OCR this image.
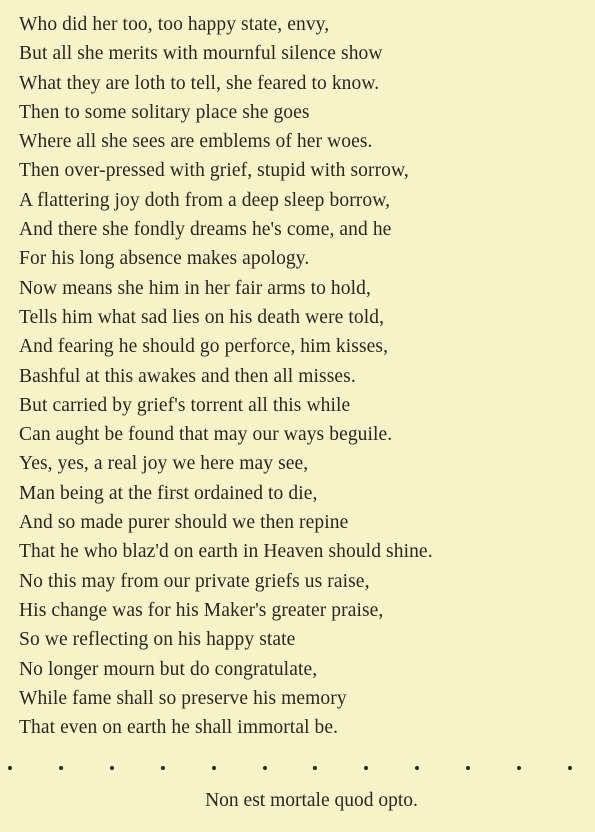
Who did her too, too happy state, envy,
But all she merits with mournful silence show
What they are loth to tell, she feared to know.
Then to some solitary place she goes
Where all she sees are emblems of her woes.
Then over-pressed with grief, stupid with sorrow,
A flattering joy doth from a deep sleep borrow,
And there she fondly dreams he's come, and he
For his long absence makes apology.
Now means she him in her fair arms to hold,
Tells him what sad lies on his death were told,
And fearing he should go perforce, him kisses,
Bashful at this awakes and then all misses.
But carried by grief's torrent all this while
Can aught be found that may our ways beguile.
Yes, yes, a real joy we here may see,
Man being at the first ordained to die,
And so made purer should we then repine
That he who blaz'd on earth in Heaven should shine.
No this may from our private griefs us raise,
His change was for his Maker's greater praise,
So we reflecting on his happy state
No longer mourn but do congratulate,
While fame shall so preserve his memory
That even on earth he shall immortal be.
Non est mortale quod opto.
